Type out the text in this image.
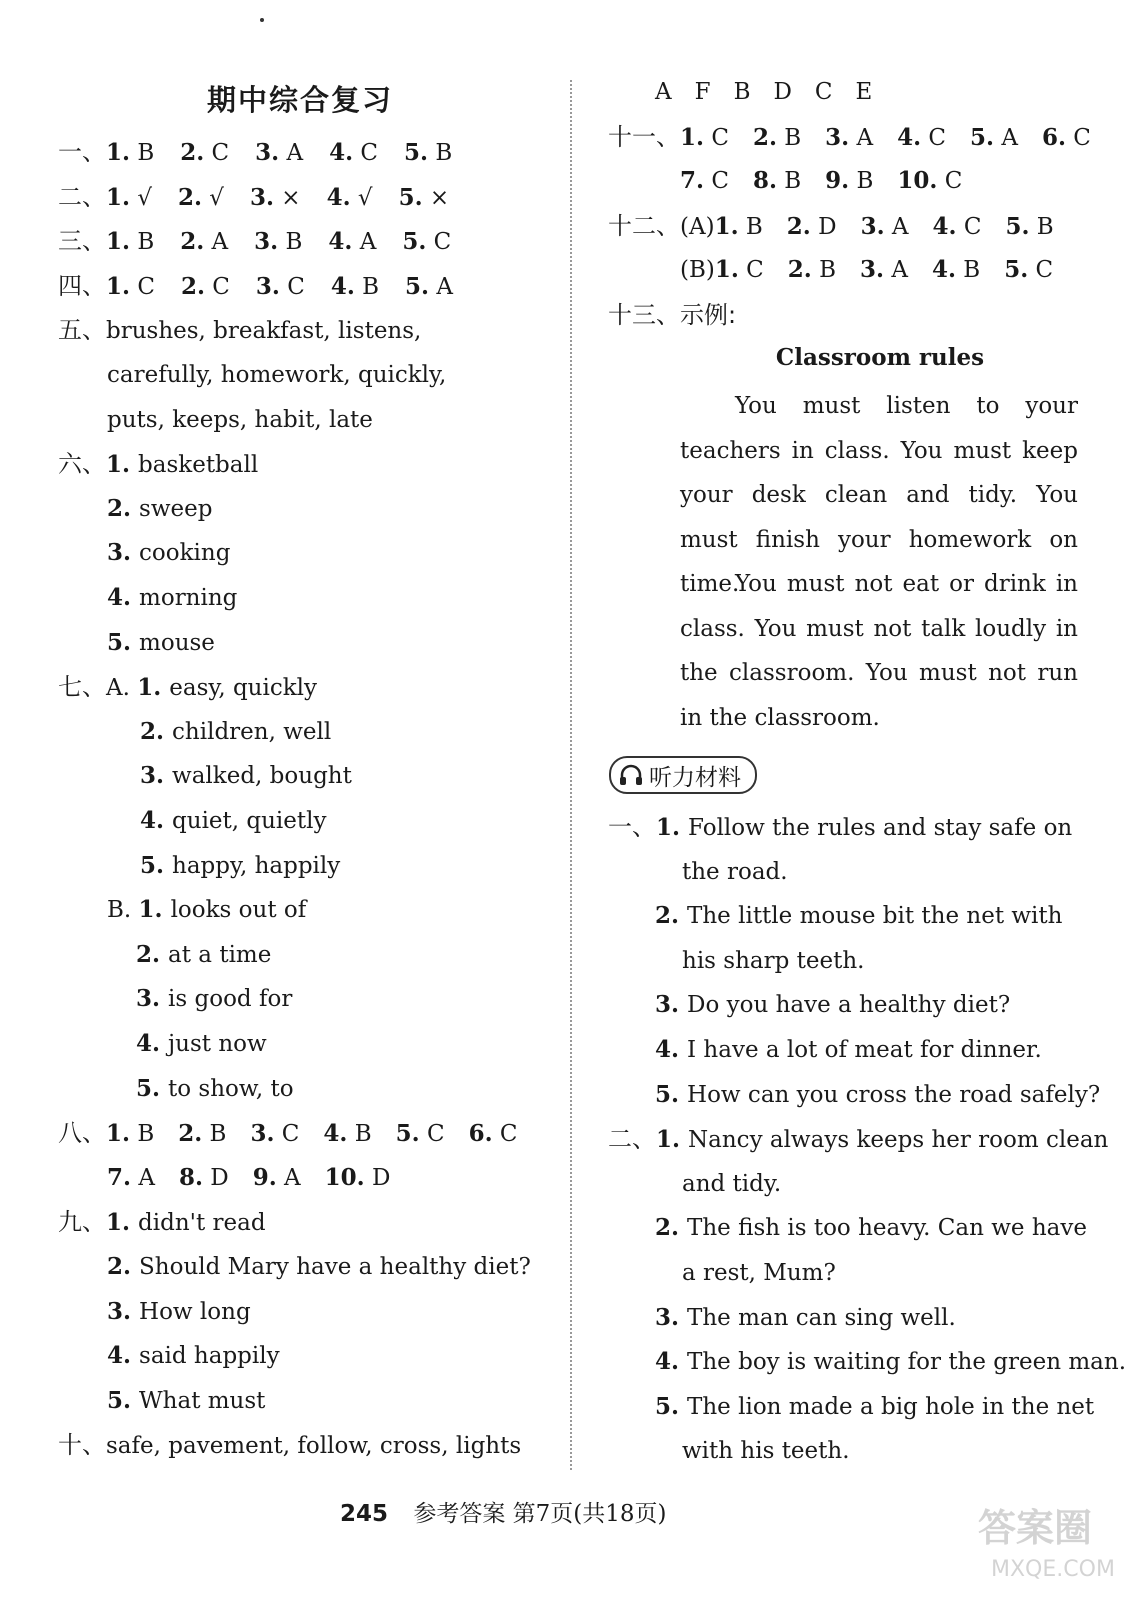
期中综合复习
一、1. B 2. C 3. A 4. C 5. B
二、1. √ 2. √ 3. × 4. √ 5. ×
三、1. B 2. A 3. B 4. A 5. C
四、1. C 2. C 3. C 4. B 5. A
五、brushes, breakfast, listens,
carefully, homework, quickly,
puts, keeps, habit, late
六、1. basketball
2. sweep
3. cooking
4. morning
5. mouse
七、A. 1. easy, quickly
2. children, well
3. walked, bought
4. quiet, quietly
5. happy, happily
B. 1. looks out of
2. at a time
3. is good for
4. just now
5. to show, to
八、1. B 2. B 3. C 4. B 5. C 6. C
7. A 8. D 9. A 10. D
九、1. didn't read
2. Should Mary have a healthy diet?
3. How long
4. said happily
5. What must
十、safe, pavement, follow, cross, lights
A　F　B　D　C　E
十一、1. C 2. B 3. A 4. C 5. A 6. C
7. C 8. B 9. B 10. C
十二、(A)1. B 2. D 3. A 4. C 5. B
(B)1. C 2. B 3. A 4. B 5. C
十三、示例:
一、1. Follow the rules and stay safe on
the road.
2. The little mouse bit the net with
his sharp teeth.
3. Do you have a healthy diet?
4. I have a lot of meat for dinner.
5. How can you cross the road safely?
二、1. Nancy always keeps her room clean
and tidy.
2. The fish is too heavy. Can we have
a rest, Mum?
3. The man can sing well.
4. The boy is waiting for the green man.
5. The lion made a big hole in the net
with his teeth.
Classroom rules
You must listen to your teachers in class. You must keep your desk clean and tidy. You must finish your homework on time.
You must not eat or drink in class. You must not talk loudly in the classroom. You must not run in the classroom.
听力材料
245 参考答案 第7页(共18页)	答案圈
MXQE.COM
